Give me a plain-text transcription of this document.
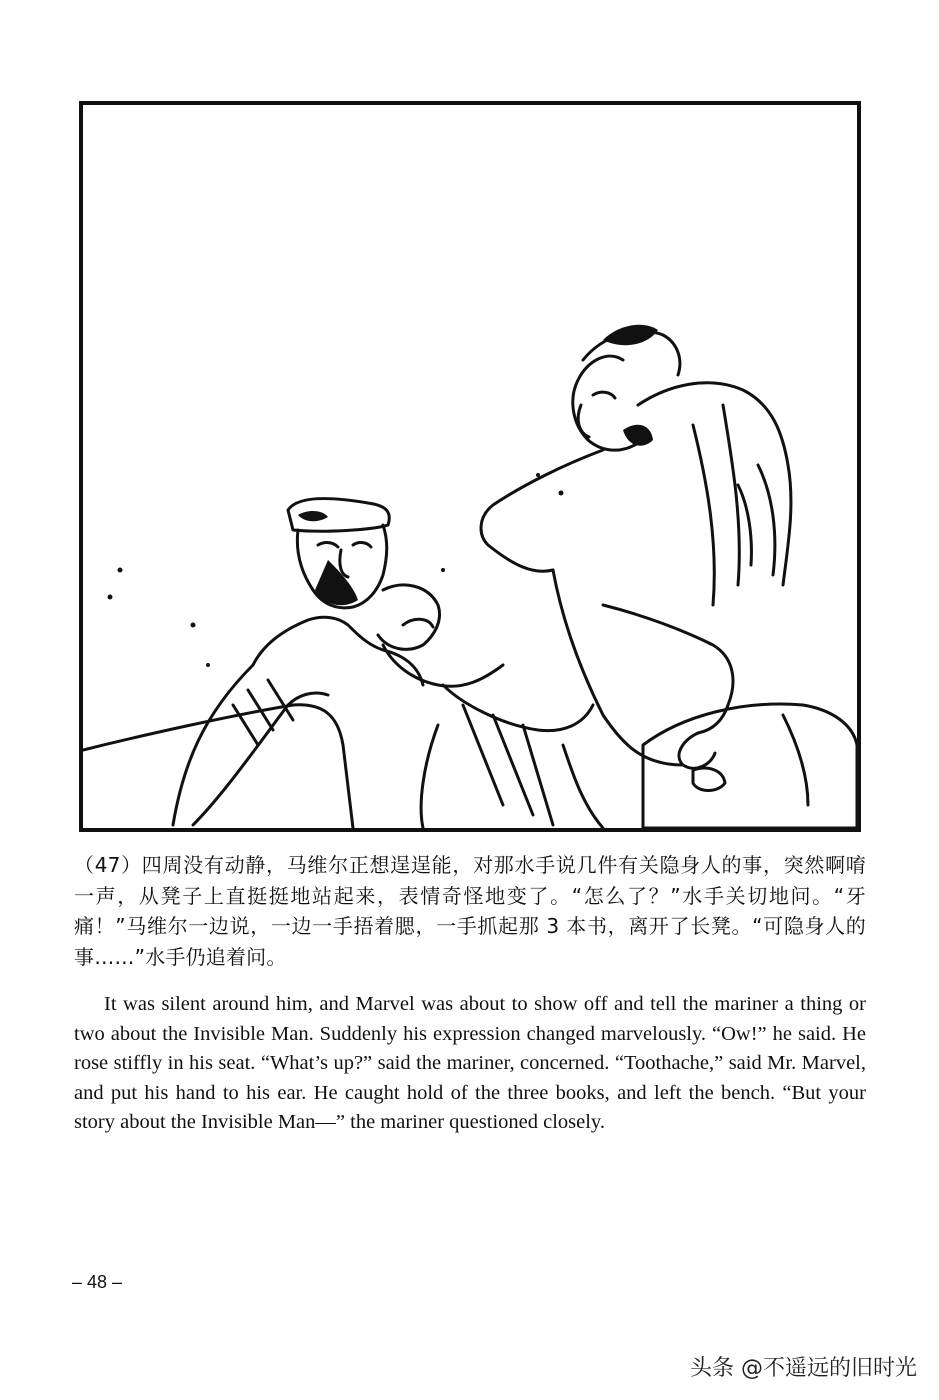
（47）四周没有动静，马维尔正想逞逞能，对那水手说几件有关隐身人的事，突然啊唷一声，从凳子上直挺挺地站起来，表情奇怪地变了。“怎么了？”水手关切地问。“牙痛！”马维尔一边说，一边一手捂着腮，一手抓起那 3 本书，离开了长凳。“可隐身人的事……”水手仍追着问。

It was silent around him, and Marvel was about to show off and tell the mariner a thing or two about the Invisible Man. Suddenly his expression changed marvelously. “Ow!” he said. He rose stiffly in his seat. “What’s up?” said the mariner, concerned. “Toothache,” said Mr. Marvel, and put his hand to his ear. He caught hold of the three books, and left the bench. “But your story about the Invisible Man—” the mariner questioned closely.

– 48 –

头条 @不遥远的旧时光
